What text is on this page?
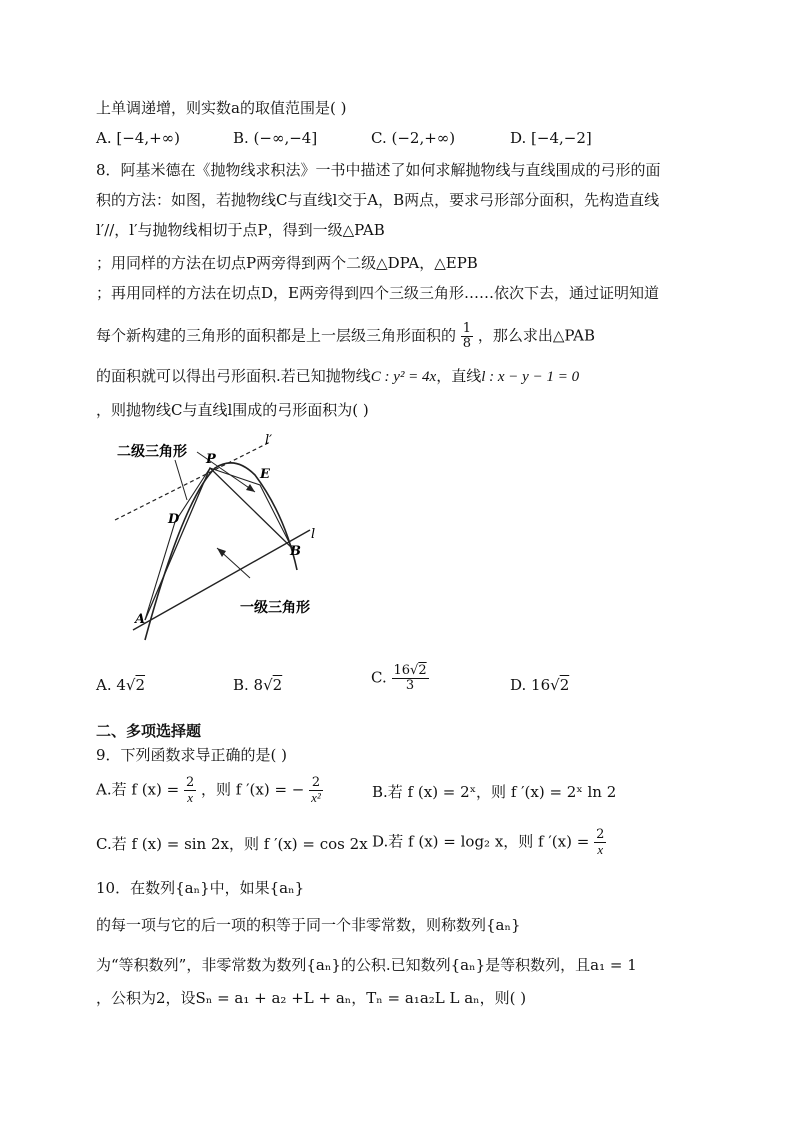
上单调递增，则实数a的取值范围是( )
A. [−4,+∞)	B. (−∞,−4]	C. (−2,+∞)	D. [−4,−2]
8．阿基米德在《抛物线求积法》一书中描述了如何求解抛物线与直线围成的弓形的面
积的方法：如图，若抛物线C与直线l交于A，B两点，要求弓形部分面积，先构造直线
l′//，l′与抛物线相切于点P，得到一级△PAB
；用同样的方法在切点P两旁得到两个二级△DPA，△EPB
；再用同样的方法在切点D，E两旁得到四个三级三角形……依次下去，通过证明知道
每个新构建的三角形的面积都是上一层级三角形面积的 $\frac{1}{8}$ ，那么求出△PAB
的面积就可以得出弓形面积.若已知抛物线C : y² = 4x，直线l : x − y − 1 = 0
，则抛物线C与直线l围成的弓形面积为( )
二级三角形
一级三角形
P
E
D
B
A
l′
l
A. 4√2	B. 8√2	C. $\frac{16√2}{3}$	D. 16√2
二、多项选择题
9．下列函数求导正确的是( )
A.若 f $(x) = \frac{2}{x}$ ，则 f ′(x) = − $\frac{2}{\text{x²}}$	B.若 f (x) = 2ˣ，则 f ′(x) = 2ˣ ln 2
C.若 f (x) = sin 2x，则 f ′(x) = cos 2x D.若 f (x) = log₂ x，则 f $'(x) = \frac{2}{x}$
10．在数列{aₙ}中，如果{aₙ}
的每一项与它的后一项的积等于同一个非零常数，则称数列{aₙ}
为“等积数列”，非零常数为数列{aₙ}的公积.已知数列{aₙ}是等积数列，且a₁ = 1
，公积为2，设Sₙ = a₁ + a₂ +L + aₙ，Tₙ = a₁a₂L L aₙ，则( )
